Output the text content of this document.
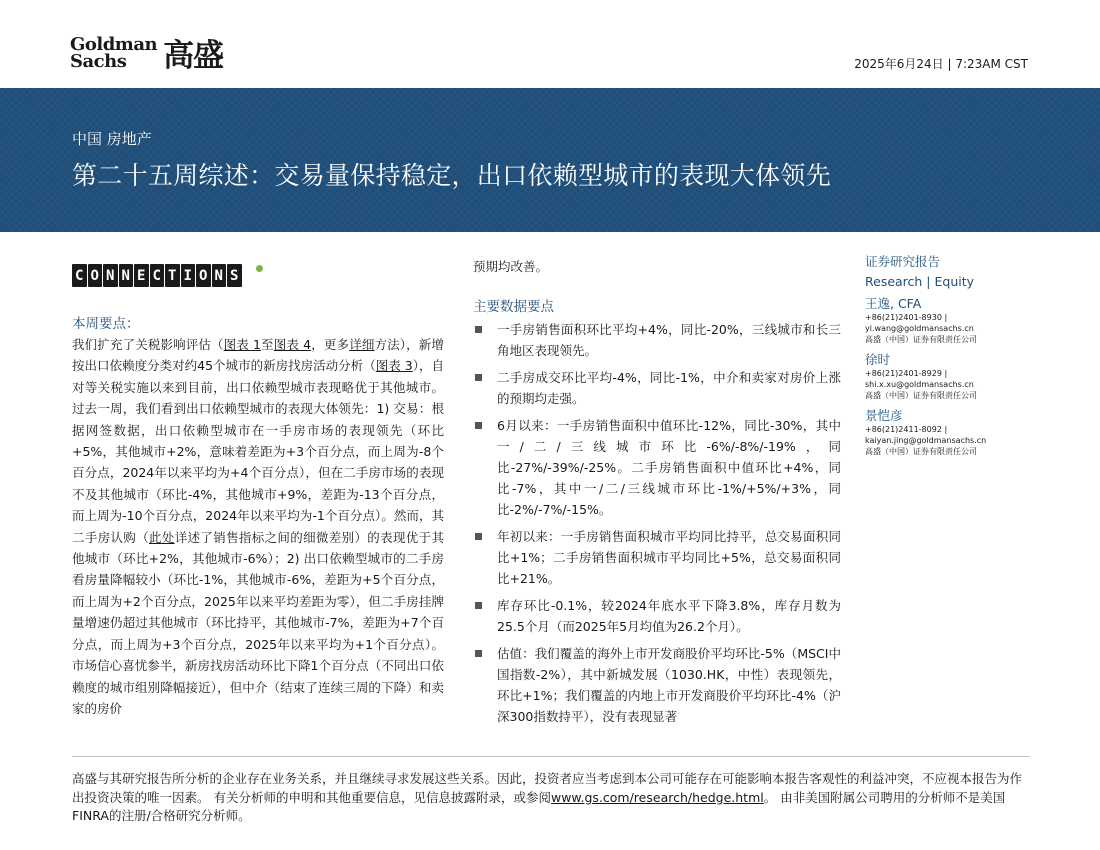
Goldman
Sachs	高盛	2025年6月24日 | 7:23AM CST
中国 房地产
第二十五周综述：交易量保持稳定，出口依赖型城市的表现大体领先
C O N N E C T I O N S
本周要点：

我们扩充了关税影响评估（图表 1至图表 4，更多详细方法），新增按出口依赖度分类对约45个城市的新房找房活动分析（图表 3），自对等关税实施以来到目前，出口依赖型城市表现略优于其他城市。过去一周，我们看到出口依赖型城市的表现大体领先：1) 交易：根据网签数据，出口依赖型城市在一手房市场的表现领先（环比+5%，其他城市+2%，意味着差距为+3个百分点，而上周为-8个百分点，2024年以来平均为+4个百分点），但在二手房市场的表现不及其他城市（环比-4%，其他城市+9%，差距为-13个百分点，而上周为-10个百分点，2024年以来平均为-1个百分点）。然而，其二手房认购（此处详述了销售指标之间的细微差别）的表现优于其他城市（环比+2%，其他城市-6%）；2) 出口依赖型城市的二手房看房量降幅较小（环比-1%，其他城市-6%，差距为+5个百分点，而上周为+2个百分点，2025年以来平均差距为零），但二手房挂牌量增速仍超过其他城市（环比持平，其他城市-7%，差距为+7个百分点，而上周为+3个百分点，2025年以来平均为+1个百分点）。市场信心喜忧参半，新房找房活动环比下降1个百分点（不同出口依赖度的城市组别降幅接近），但中介（结束了连续三周的下降）和卖家的房价

预期均改善。
主要数据要点
一手房销售面积环比平均+4%，同比-20%，三线城市和长三角地区表现领先。
二手房成交环比平均-4%，同比-1%，中介和卖家对房价上涨的预期均走强。
6月以来：一手房销售面积中值环比-12%，同比-30%，其中一/二/三线城市环比-6%/-8%/-19%，同比-27%/-39%/-25%。二手房销售面积中值环比+4%，同比-7%，其中一/二/三线城市环比-1%/+5%/+3%，同比-2%/-7%/-15%。
年初以来：一手房销售面积城市平均同比持平，总交易面积同比+1%；二手房销售面积城市平均同比+5%，总交易面积同比+21%。
库存环比-0.1%，较2024年底水平下降3.8%，库存月数为25.5个月（而2025年5月均值为26.2个月）。
估值：我们覆盖的海外上市开发商股价平均环比-5%（MSCI中国指数-2%），其中新城发展（1030.HK，中性）表现领先，环比+1%；我们覆盖的内地上市开发商股价平均环比-4%（沪深300指数持平），没有表现显著
证券研究报告
Research | Equity
王逸, CFA
+86(21)2401-8930 |
yi.wang@goldmansachs.cn
高盛（中国）证券有限责任公司
徐时
+86(21)2401-8929 |
shi.x.xu@goldmansachs.cn
高盛（中国）证券有限责任公司
景恺彦
+86(21)2411-8092 |
kaiyan.jing@goldmansachs.cn
高盛（中国）证券有限责任公司

高盛与其研究报告所分析的企业存在业务关系，并且继续寻求发展这些关系。因此，投资者应当考虑到本公司可能存在可能影响本报告客观性的利益冲突，不应视本报告为作出投资决策的唯一因素。 有关分析师的申明和其他重要信息，见信息披露附录，或参阅www.gs.com/research/hedge.html。 由非美国附属公司聘用的分析师不是美国FINRA的注册/合格研究分析师。
